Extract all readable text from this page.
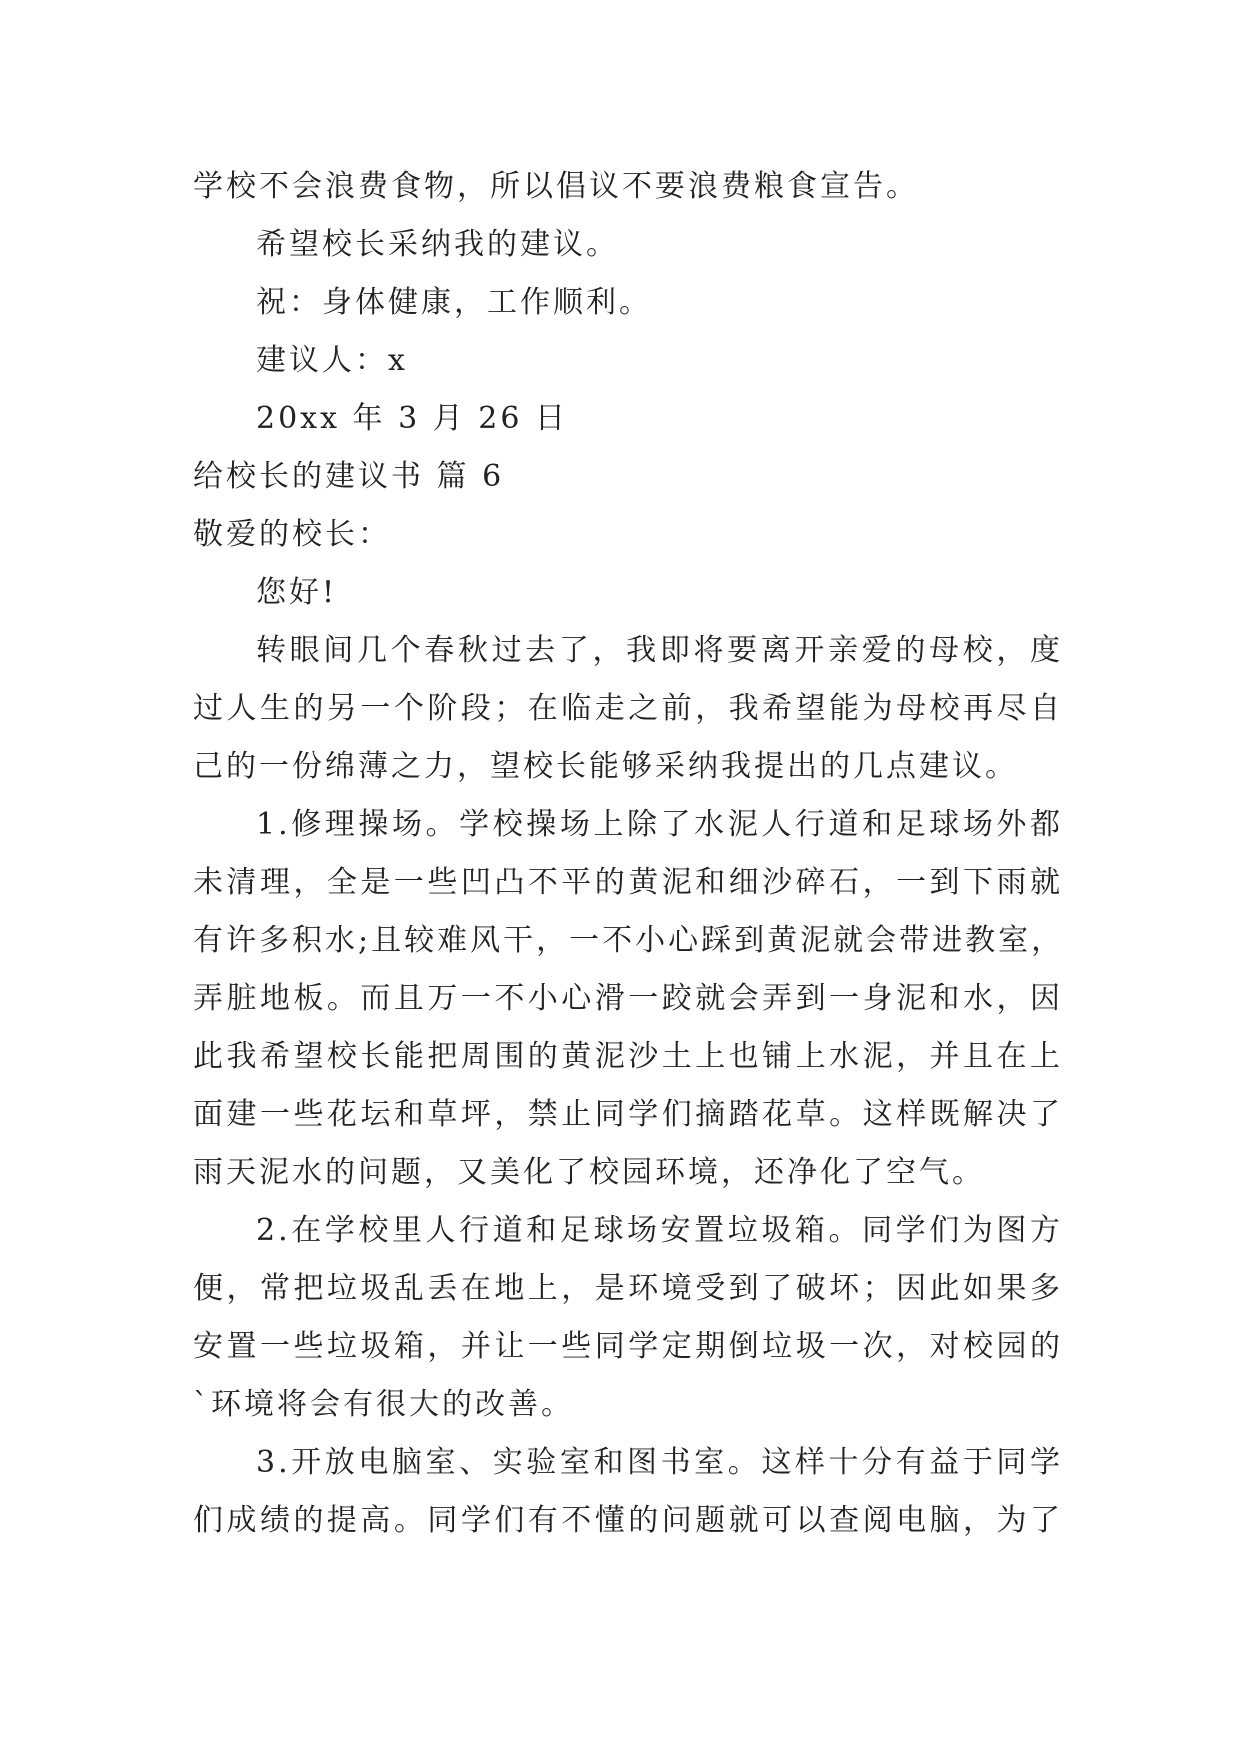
学校不会浪费食物，所以倡议不要浪费粮食宣告。
希望校长采纳我的建议。
祝：身体健康，工作顺利。
建议人：x
20xx 年 3 月 26 日
给校长的建议书 篇 6
敬爱的校长：
您好!
转眼间几个春秋过去了，我即将要离开亲爱的母校，度
过人生的另一个阶段；在临走之前，我希望能为母校再尽自
己的一份绵薄之力，望校长能够采纳我提出的几点建议。
1.修理操场。学校操场上除了水泥人行道和足球场外都
未清理，全是一些凹凸不平的黄泥和细沙碎石，一到下雨就
有许多积水;且较难风干，一不小心踩到黄泥就会带进教室，
弄脏地板。而且万一不小心滑一跤就会弄到一身泥和水，因
此我希望校长能把周围的黄泥沙土上也铺上水泥，并且在上
面建一些花坛和草坪，禁止同学们摘踏花草。这样既解决了
雨天泥水的问题，又美化了校园环境，还净化了空气。
2.在学校里人行道和足球场安置垃圾箱。同学们为图方
便，常把垃圾乱丢在地上，是环境受到了破坏；因此如果多
安置一些垃圾箱，并让一些同学定期倒垃圾一次，对校园的
`环境将会有很大的改善。
3.开放电脑室、实验室和图书室。这样十分有益于同学
们成绩的提高。同学们有不懂的问题就可以查阅电脑，为了
